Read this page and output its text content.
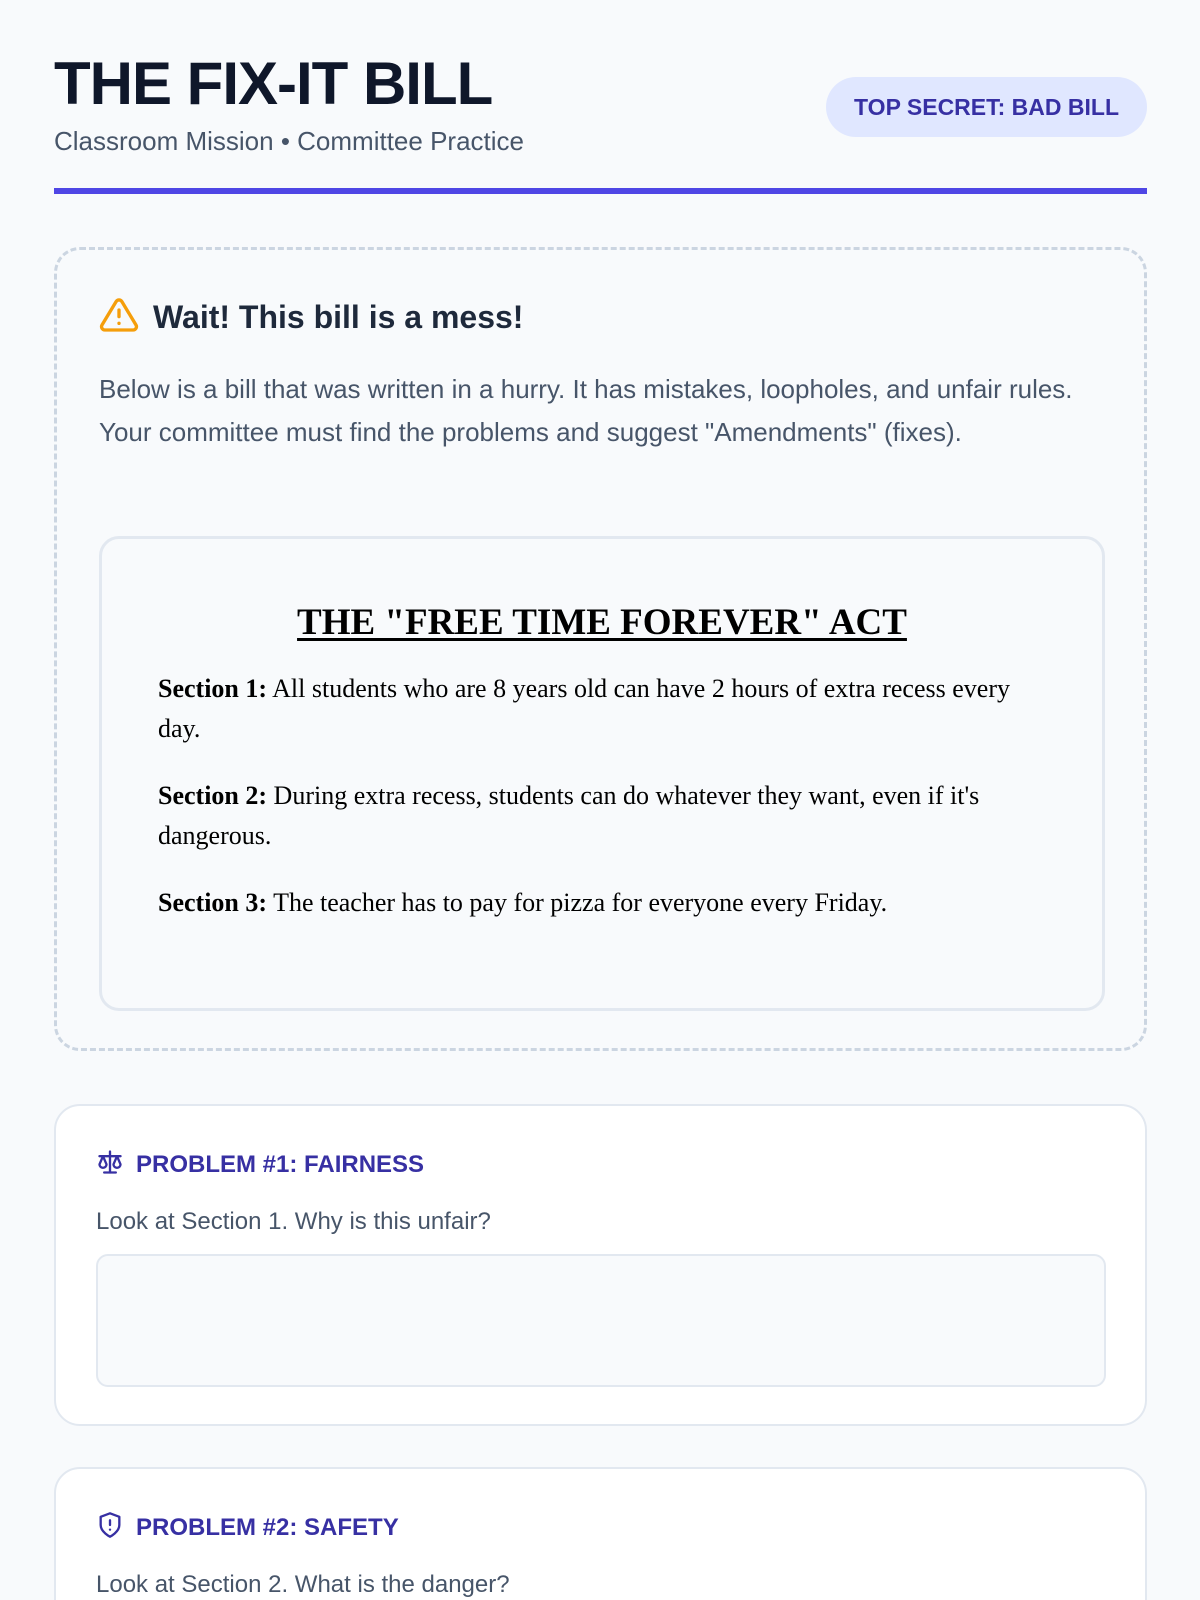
THE FIX-IT BILL
Classroom Mission • Committee Practice
TOP SECRET: BAD BILL
Wait! This bill is a mess!

Below is a bill that was written in a hurry. It has mistakes, loopholes, and unfair rules. Your committee must find the problems and suggest "Amendments" (fixes).

THE "FREE TIME FOREVER" ACT

Section 1: All students who are 8 years old can have 2 hours of extra recess every day.

Section 2: During extra recess, students can do whatever they want, even if it's dangerous.

Section 3: The teacher has to pay for pizza for everyone every Friday.

PROBLEM #1: FAIRNESS
Look at Section 1. Why is this unfair?
PROBLEM #2: SAFETY
Look at Section 2. What is the danger?
